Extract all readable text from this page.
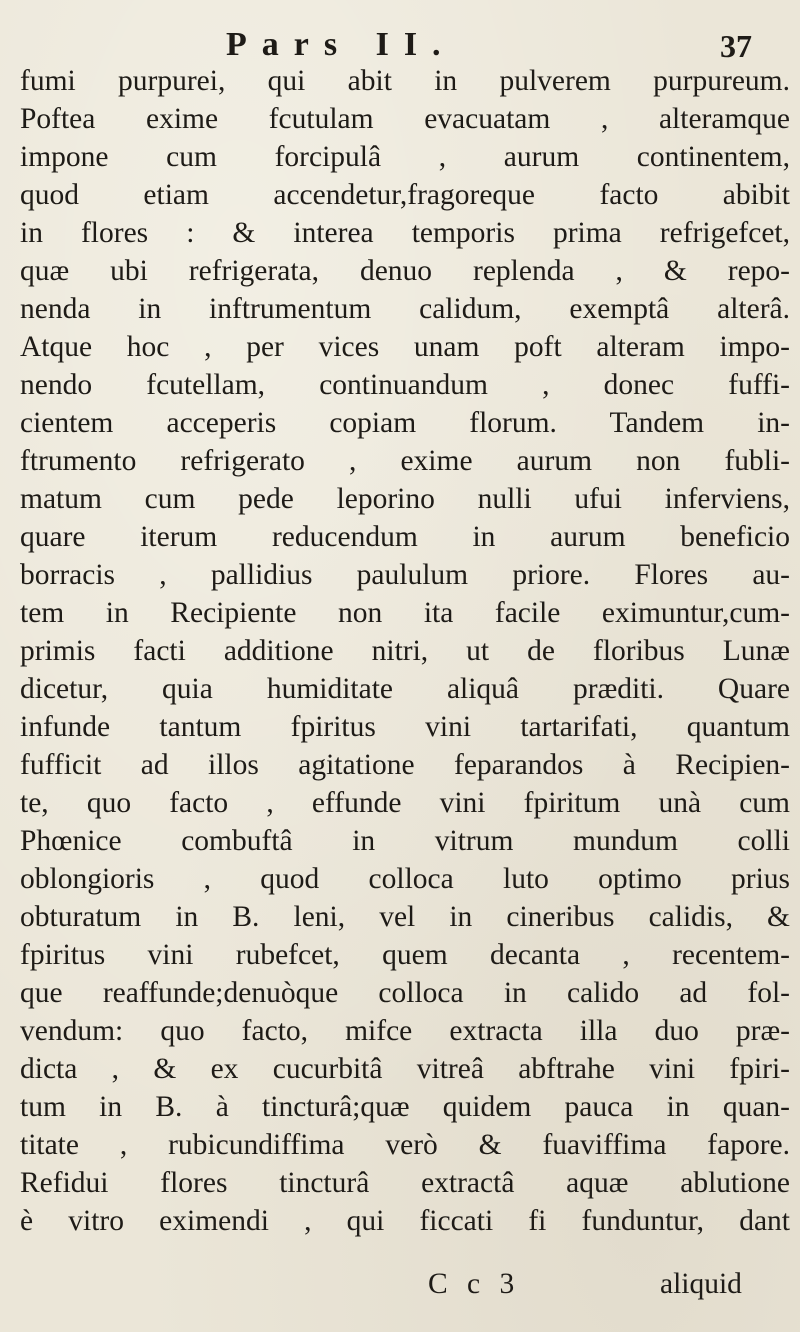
Pars II.	37
fumi purpurei, qui abit in pulverem purpureum.
Poftea exime fcutulam evacuatam , alteramque
impone cum forcipulâ , aurum continentem,
quod etiam accendetur,fragoreque facto abibit
in flores : & interea temporis prima refrigefcet,
quæ ubi refrigerata, denuo replenda , & repo-
nenda in inftrumentum calidum, exemptâ alterâ.
Atque hoc , per vices unam poft alteram impo-
nendo fcutellam, continuandum , donec fuffi-
cientem acceperis copiam florum. Tandem in-
ftrumento refrigerato , exime aurum non fubli-
matum cum pede leporino nulli ufui inferviens,
quare iterum reducendum in aurum beneficio
borracis , pallidius paululum priore. Flores au-
tem in Recipiente non ita facile eximuntur,cum-
primis facti additione nitri, ut de floribus Lunæ
dicetur, quia humiditate aliquâ præditi. Quare
infunde tantum fpiritus vini tartarifati, quantum
fufficit ad illos agitatione feparandos à Recipien-
te, quo facto , effunde vini fpiritum unà cum
Phœnice combuftâ in vitrum mundum colli
oblongioris , quod colloca luto optimo prius
obturatum in B. leni, vel in cineribus calidis, &
fpiritus vini rubefcet, quem decanta , recentem-
que reaffunde;denuòque colloca in calido ad fol-
vendum: quo facto, mifce extracta illa duo præ-
dicta , & ex cucurbitâ vitreâ abftrahe vini fpiri-
tum in B. à tincturâ;quæ quidem pauca in quan-
titate , rubicundiffima verò & fuaviffima fapore.
Refidui flores tincturâ extractâ aquæ ablutione
è vitro eximendi , qui ficcati fi funduntur, dant
C c 3	aliquid
